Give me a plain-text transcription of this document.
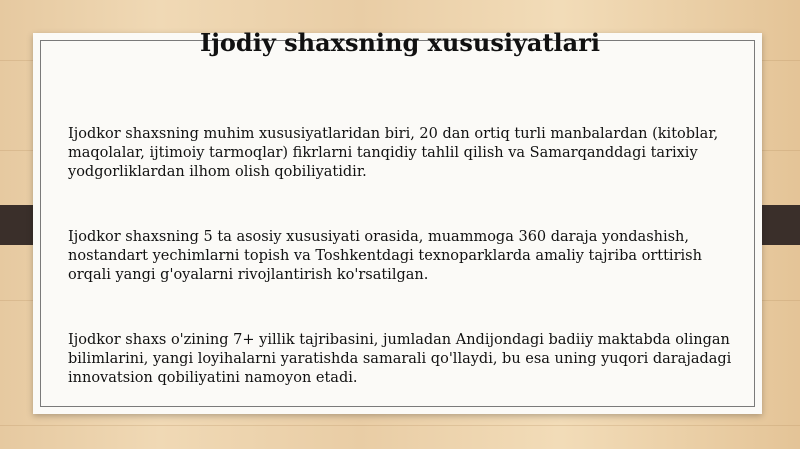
Ijodiy shaxsning xususiyatlari

Ijodkor shaxsning muhim xususiyatlaridan biri, 20 dan ortiq turli manbalardan (kitoblar, maqolalar, ijtimoiy tarmoqlar) fikrlarni tanqidiy tahlil qilish va Samarqanddagi tarixiy yodgorliklardan ilhom olish qobiliyatidir.

Ijodkor shaxsning 5 ta asosiy xususiyati orasida, muammoga 360 daraja yondashish, nostandart yechimlarni topish va Toshkentdagi texnoparklarda amaliy tajriba orttirish orqali yangi g'oyalarni rivojlantirish ko'rsatilgan.

Ijodkor shaxs o'zining 7+ yillik tajribasini, jumladan Andijondagi badiiy maktabda olingan bilimlarini, yangi loyihalarni yaratishda samarali qo'llaydi, bu esa uning yuqori darajadagi innovatsion qobiliyatini namoyon etadi.
